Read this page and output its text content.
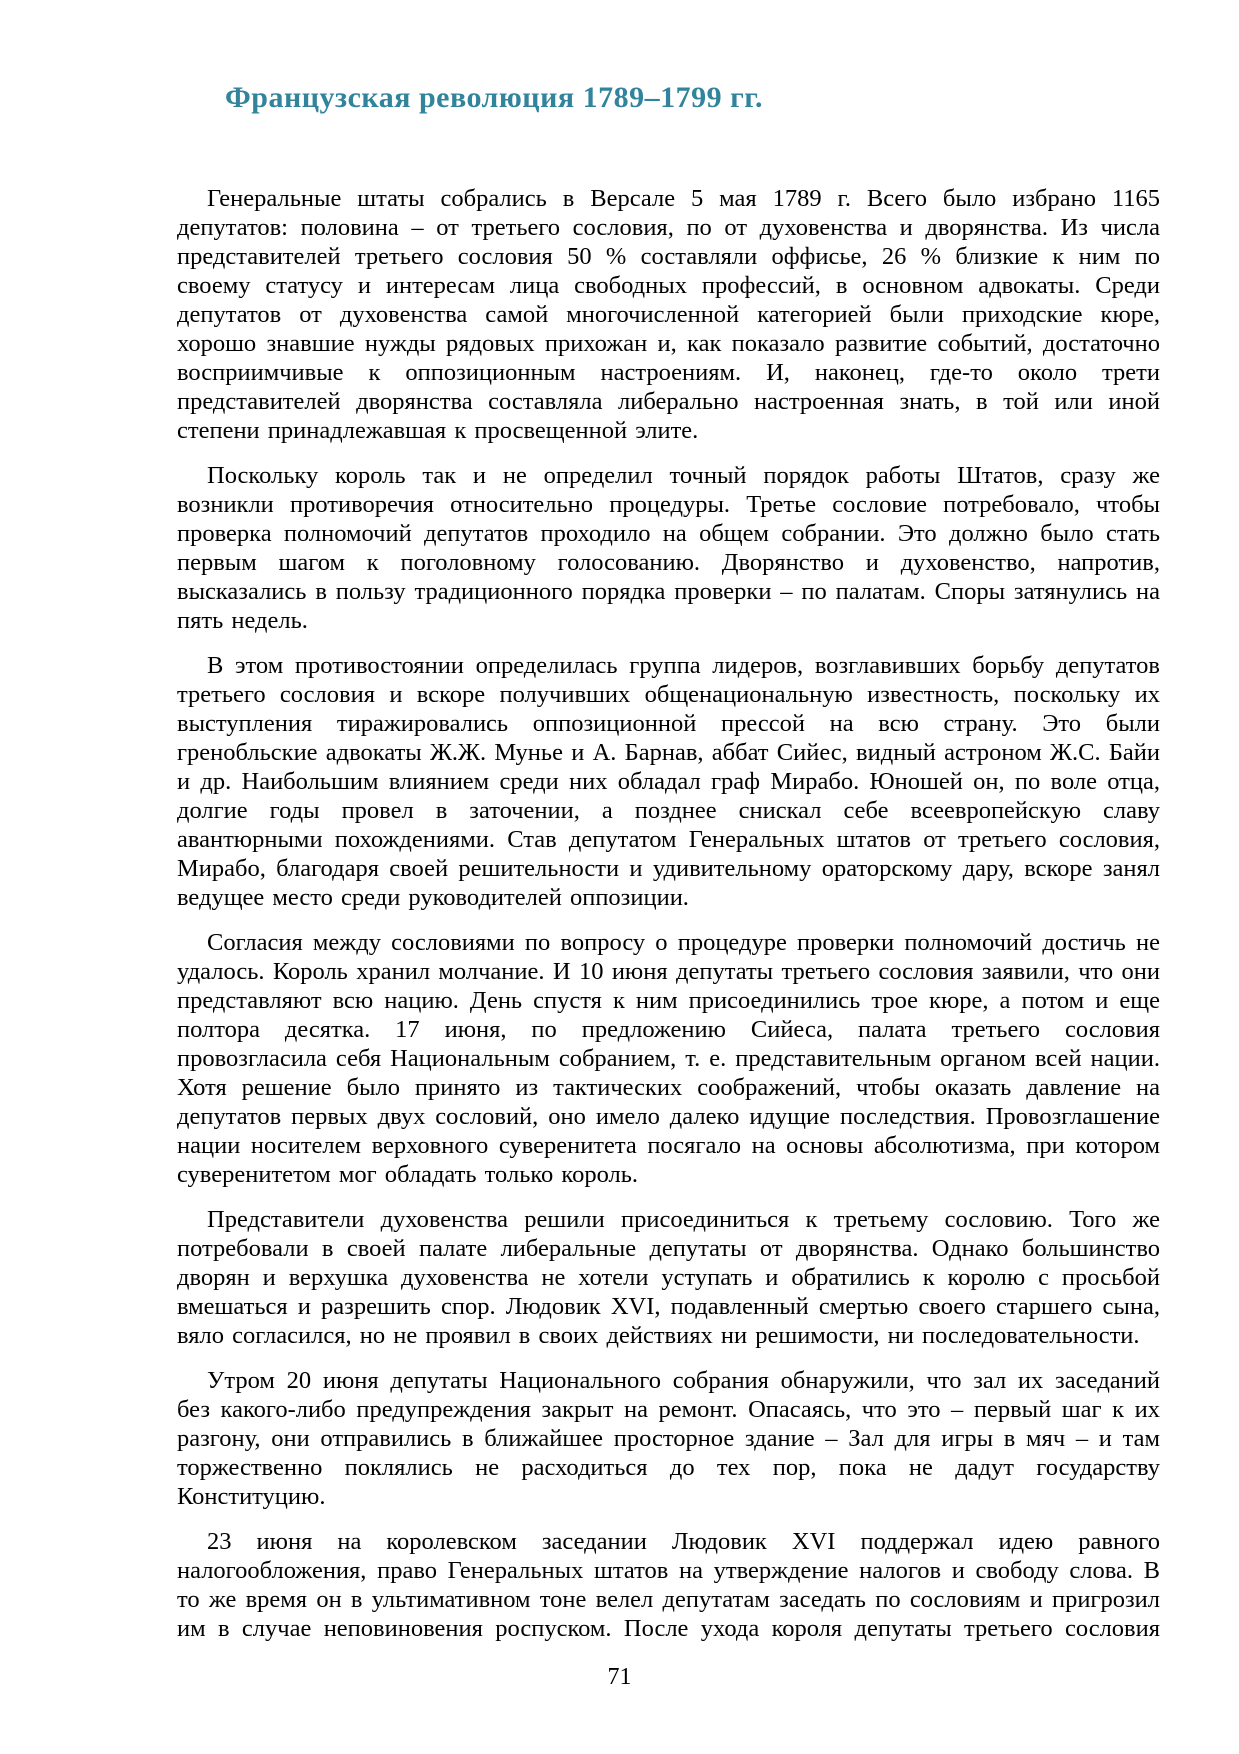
Французская революция 1789–1799 гг.

Генеральные штаты собрались в Версале 5 мая 1789 г. Всего было избрано 1165 депутатов: половина – от третьего сословия, по от духовенства и дворянства. Из числа представителей третьего сословия 50 % составляли оффисье, 26 % близкие к ним по своему статусу и интересам лица свободных профессий, в основном адвокаты. Среди депутатов от духовенства самой многочисленной категорией были приходские кюре, хорошо знавшие нужды рядовых прихожан и, как показало развитие событий, достаточно восприимчивые к оппозиционным настроениям. И, наконец, где-то около трети представителей дворянства составляла либерально настроенная знать, в той или иной степени принадлежавшая к просвещенной элите.

Поскольку король так и не определил точный порядок работы Штатов, сразу же возникли противоречия относительно процедуры. Третье сословие потребовало, чтобы проверка полномочий депутатов проходило на общем собрании. Это должно было стать первым шагом к поголовному голосованию. Дворянство и духовенство, напротив, высказались в пользу традиционного порядка проверки – по палатам. Споры затянулись на пять недель.

В этом противостоянии определилась группа лидеров, возглавивших борьбу депутатов третьего сословия и вскоре получивших общенациональную известность, поскольку их выступления тиражировались оппозиционной прессой на всю страну. Это были гренобльские адвокаты Ж.Ж. Мунье и А. Барнав, аббат Сийес, видный астроном Ж.С. Байи и др. Наибольшим влиянием среди них обладал граф Мирабо. Юношей он, по воле отца, долгие годы провел в заточении, а позднее снискал себе всеевропейскую славу авантюрными похождениями. Став депутатом Генеральных штатов от третьего сословия, Мирабо, благодаря своей решительности и удивительному ораторскому дару, вскоре занял ведущее место среди руководителей оппозиции.

Согласия между сословиями по вопросу о процедуре проверки полномочий достичь не удалось. Король хранил молчание. И 10 июня депутаты третьего сословия заявили, что они представляют всю нацию. День спустя к ним присоединились трое кюре, а потом и еще полтора десятка. 17 июня, по предложению Сийеса, палата третьего сословия провозгласила себя Национальным собранием, т. е. представительным органом всей нации. Хотя решение было принято из тактических соображений, чтобы оказать давление на депутатов первых двух сословий, оно имело далеко идущие последствия. Провозглашение нации носителем верховного суверенитета посягало на основы абсолютизма, при котором суверенитетом мог обладать только король.

Представители духовенства решили присоединиться к третьему сословию. Того же потребовали в своей палате либеральные депутаты от дворянства. Однако большинство дворян и верхушка духовенства не хотели уступать и обратились к королю с просьбой вмешаться и разрешить спор. Людовик XVI, подавленный смертью своего старшего сына, вяло согласился, но не проявил в своих действиях ни решимости, ни последовательности.

Утром 20 июня депутаты Национального собрания обнаружили, что зал их заседаний без какого-либо предупреждения закрыт на ремонт. Опасаясь, что это – первый шаг к их разгону, они отправились в ближайшее просторное здание – Зал для игры в мяч – и там торжественно поклялись не расходиться до тех пор, пока не дадут государству Конституцию.

23 июня на королевском заседании Людовик XVI поддержал идею равного налогообложения, право Генеральных штатов на утверждение налогов и свободу слова. В то же время он в ультимативном тоне велел депутатам заседать по сословиям и пригрозил им в случае неповиновения роспуском. После ухода короля депутаты третьего сословия

71
